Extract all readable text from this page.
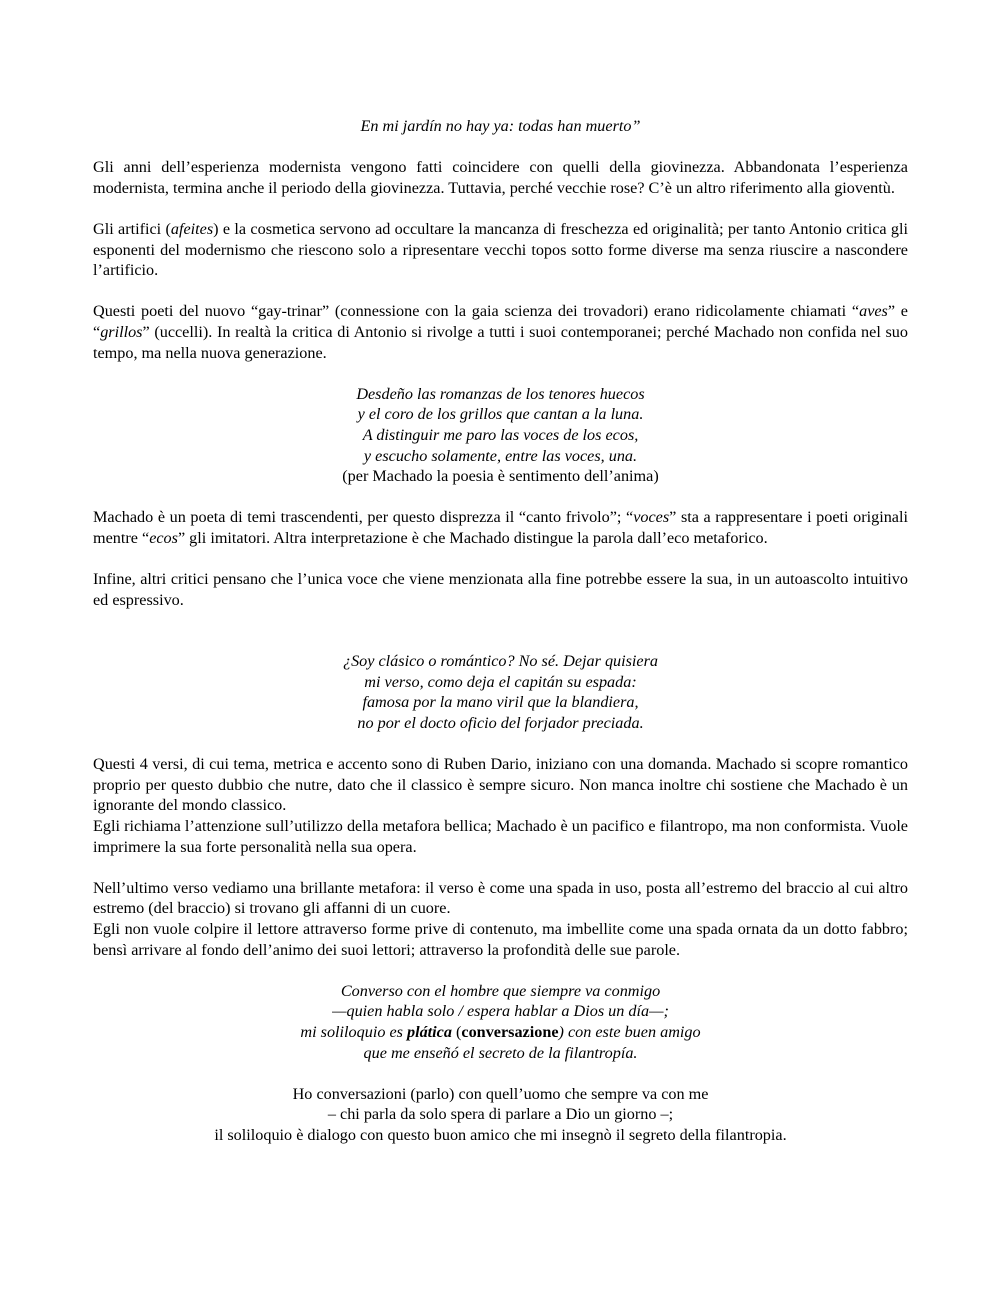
En mi jardín no hay ya: todas han muerto”

Gli anni dell’esperienza modernista vengono fatti coincidere con quelli della giovinezza. Abbandonata l’esperienza modernista, termina anche il periodo della giovinezza. Tuttavia, perché vecchie rose? C’è un altro riferimento alla gioventù.

Gli artifici (afeites) e la cosmetica servono ad occultare la mancanza di freschezza ed originalità; per tanto Antonio critica gli esponenti del modernismo che riescono solo a ripresentare vecchi topos sotto forme diverse ma senza riuscire a nascondere l’artificio.

Questi poeti del nuovo “gay-trinar” (connessione con la gaia scienza dei trovadori) erano ridicolamente chiamati “aves” e “grillos” (uccelli). In realtà la critica di Antonio si rivolge a tutti i suoi contemporanei; perché Machado non confida nel suo tempo, ma nella nuova generazione.

Desdeño las romanzas de los tenores huecos

y el coro de los grillos que cantan a la luna.

A distinguir me paro las voces de los ecos,

y escucho solamente, entre las voces, una.

(per Machado la poesia è sentimento dell’anima)

Machado è un poeta di temi trascendenti, per questo disprezza il “canto frivolo”; “voces” sta a rappresentare i poeti originali mentre “ecos” gli imitatori. Altra interpretazione è che Machado distingue la parola dall’eco metaforico.

Infine, altri critici pensano che l’unica voce che viene menzionata alla fine potrebbe essere la sua, in un autoascolto intuitivo ed espressivo.

¿Soy clásico o romántico? No sé. Dejar quisiera

mi verso, como deja el capitán su espada:

famosa por la mano viril que la blandiera,

no por el docto oficio del forjador preciada.

Questi 4 versi, di cui tema, metrica e accento sono di Ruben Dario, iniziano con una domanda. Machado si scopre romantico proprio per questo dubbio che nutre, dato che il classico è sempre sicuro. Non manca inoltre chi sostiene che Machado è un ignorante del mondo classico.

Egli richiama l’attenzione sull’utilizzo della metafora bellica; Machado è un pacifico e filantropo, ma non conformista. Vuole imprimere la sua forte personalità nella sua opera.

Nell’ultimo verso vediamo una brillante metafora: il verso è come una spada in uso, posta all’estremo del braccio al cui altro estremo (del braccio) si trovano gli affanni di un cuore.

Egli non vuole colpire il lettore attraverso forme prive di contenuto, ma imbellite come una spada ornata da un dotto fabbro; bensì arrivare al fondo dell’animo dei suoi lettori; attraverso la profondità delle sue parole.

Converso con el hombre que siempre va conmigo

—quien habla solo / espera hablar a Dios un día—;

mi soliloquio es plática (conversazione) con este buen amigo

que me enseñó el secreto de la filantropía.

Ho conversazioni (parlo) con quell’uomo che sempre va con me

– chi parla da solo spera di parlare a Dio un giorno –;

il soliloquio è dialogo con questo buon amico che mi insegnò il segreto della filantropia.
